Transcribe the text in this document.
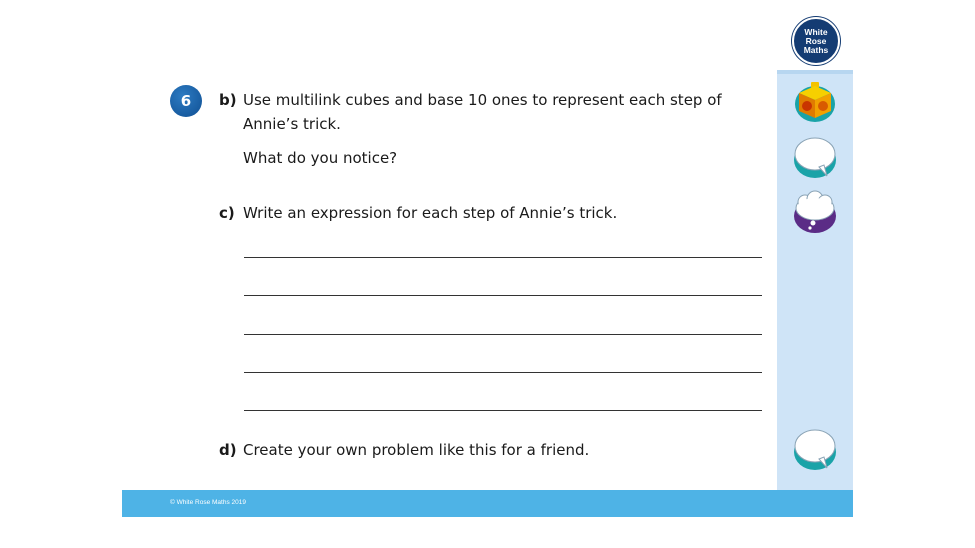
6 b) Use multilink cubes and base 10 ones to represent each step of
Annie’s trick.
What do you notice?
c) Write an expression for each step of Annie’s trick.
d) Create your own problem like this for a friend.
White
Rose
Maths
© White Rose Maths 2019
